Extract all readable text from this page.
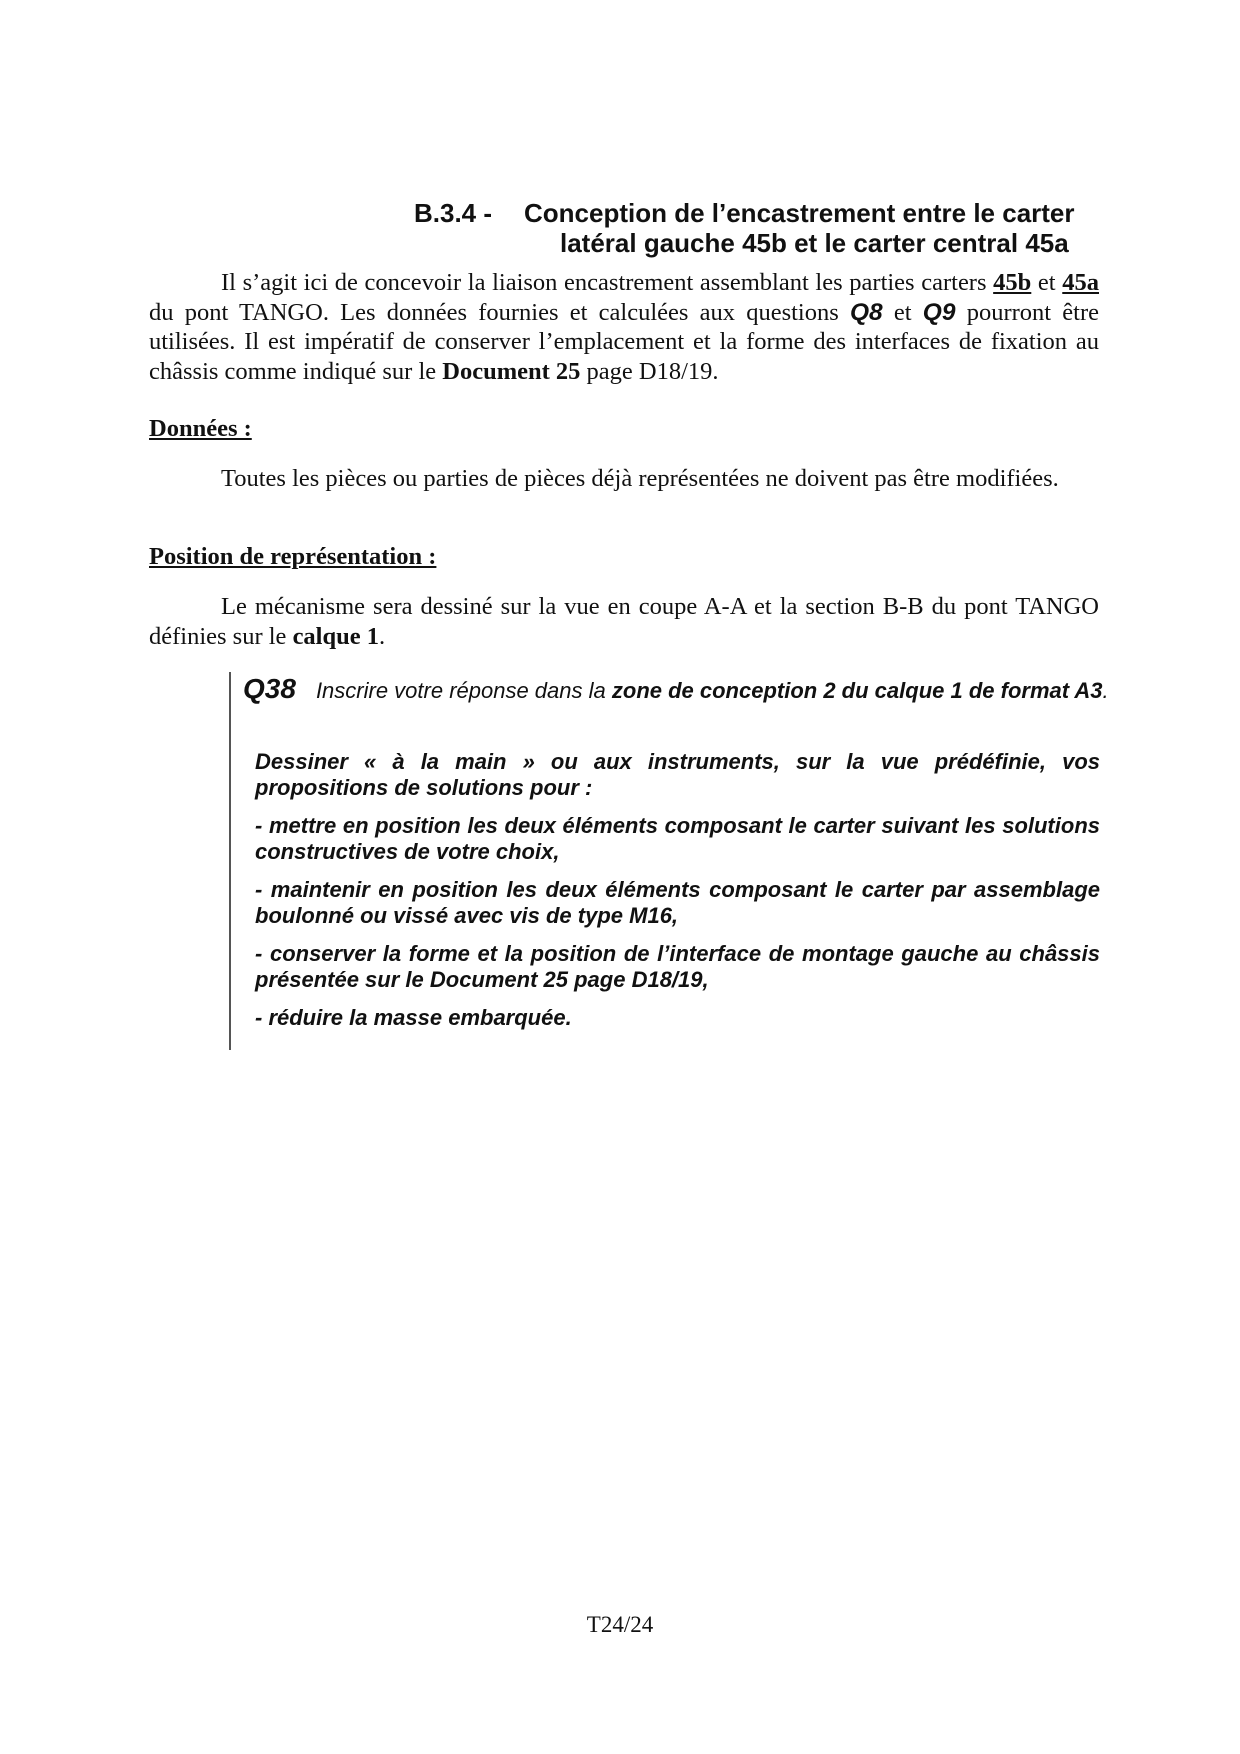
B.3.4 - Conception de l’encastrement entre le carter
latéral gauche 45b et le carter central 45a
Il s’agit ici de concevoir la liaison encastrement assemblant les parties carters 45b et 45a du pont TANGO. Les données fournies et calculées aux questions Q8 et Q9 pourront être utilisées. Il est impératif de conserver l’emplacement et la forme des interfaces de fixation au châssis comme indiqué sur le Document 25 page D18/19.
Données :
Toutes les pièces ou parties de pièces déjà représentées ne doivent pas être modifiées.
Position de représentation :
Le mécanisme sera dessiné sur la vue en coupe A-A et la section B-B du pont TANGO définies sur le calque 1.
Q38 Inscrire votre réponse dans la zone de conception 2 du calque 1 de format A3.
Dessiner « à la main » ou aux instruments, sur la vue prédéfinie, vos propositions de solutions pour :
- mettre en position les deux éléments composant le carter suivant les solutions constructives de votre choix,
- maintenir en position les deux éléments composant le carter par assemblage boulonné ou vissé avec vis de type M16,
- conserver la forme et la position de l’interface de montage gauche au châssis présentée sur le Document 25 page D18/19,
- réduire la masse embarquée.
T24/24
